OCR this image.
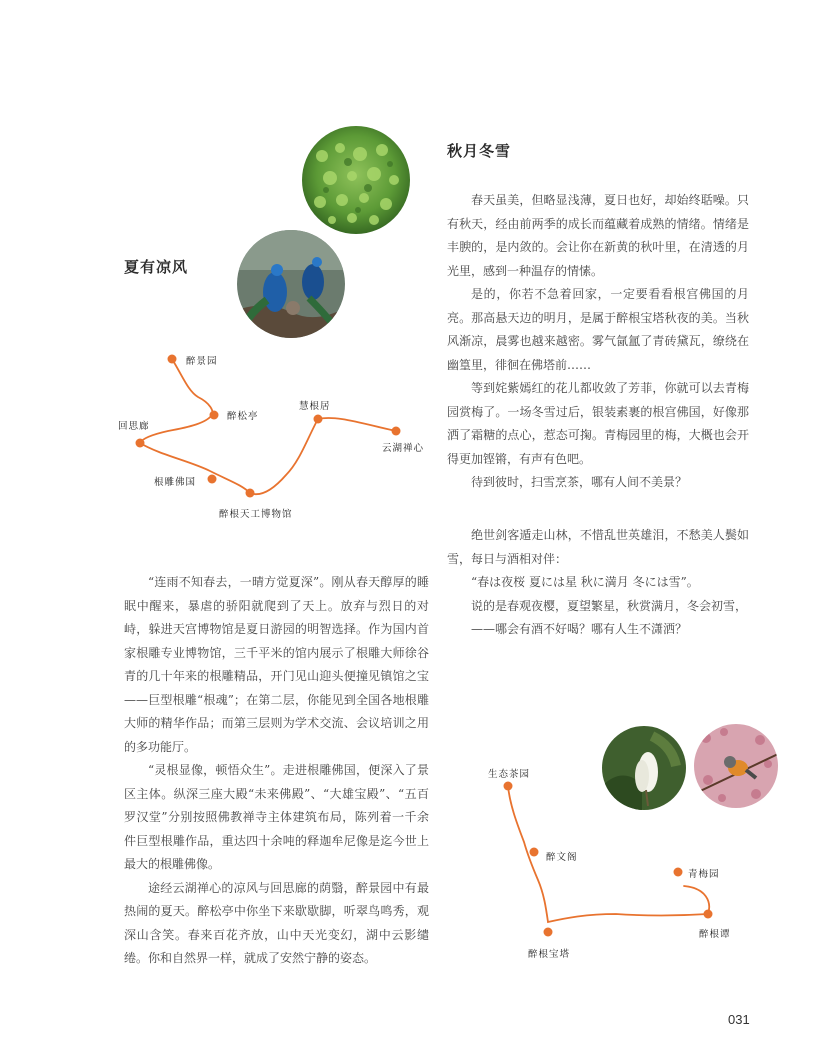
夏有凉风
秋月冬雪

春天虽美，但略显浅薄，夏日也好，却始终聒噪。只有秋天，经由前两季的成长而蕴藏着成熟的情绪。情绪是丰腴的，是内敛的。会让你在新黄的秋叶里，在清透的月光里，感到一种温存的情愫。

是的，你若不急着回家，一定要看看根宫佛国的月亮。那高悬天边的明月，是属于醉根宝塔秋夜的美。当秋风渐凉，晨雾也越来越密。雾气氤氲了青砖黛瓦，缭绕在幽篁里，徘徊在佛塔前……

等到姹紫嫣红的花儿都收敛了芳菲，你就可以去青梅园赏梅了。一场冬雪过后，银装素裹的根宫佛国，好像那洒了霜糖的点心，惹态可掬。青梅园里的梅，大概也会开得更加铿锵，有声有色吧。

待到彼时，扫雪烹茶，哪有人间不美景？

绝世剑客遁走山林，不惜乱世英雄泪，不愁美人鬓如雪，每日与酒相对伴：

“春は夜桜 夏には星 秋に満月 冬には雪”。

说的是春观夜樱，夏望繁星，秋赏满月，冬会初雪，

——哪会有酒不好喝？哪有人生不潇洒？

醉景园
醉松亭
回思廊
慧根居
云湖禅心
根雕佛国
醉根天工博物馆

“连雨不知春去，一晴方觉夏深”。刚从春天醇厚的睡眠中醒来，暴虐的骄阳就爬到了天上。放弃与烈日的对峙，躲进天宫博物馆是夏日游园的明智选择。作为国内首家根雕专业博物馆，三千平米的馆内展示了根雕大师徐谷青的几十年来的根雕精品，开门见山迎头便撞见镇馆之宝——巨型根雕“根魂”；在第二层，你能见到全国各地根雕大师的精华作品；而第三层则为学术交流、会议培训之用的多功能厅。

“灵根显像，顿悟众生”。走进根雕佛国，便深入了景区主体。纵深三座大殿“未来佛殿”、“大雄宝殿”、“五百罗汉堂”分别按照佛教禅寺主体建筑布局，陈列着一千余件巨型根雕作品，重达四十余吨的释迦牟尼像是迄今世上最大的根雕佛像。

途经云湖禅心的凉风与回思廊的荫翳，醉景园中有最热闹的夏天。醉松亭中你坐下来歇歇脚，听翠鸟鸣秀，观深山含笑。春来百花齐放，山中天光变幻，湖中云影缱绻。你和自然界一样，就成了安然宁静的姿态。

生态茶园
醉文阁
青梅园
醉根谭
醉根宝塔
031
